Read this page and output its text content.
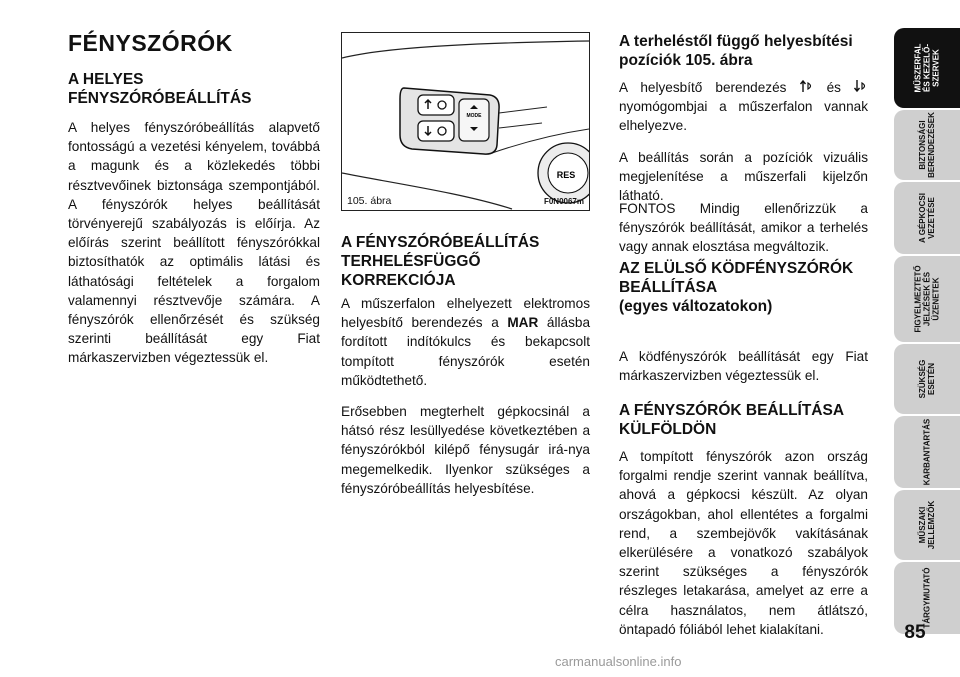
FÉNYSZÓRÓK
A HELYES FÉNYSZÓRÓBEÁLLÍTÁS

A helyes fényszóróbeállítás alapvető fontosságú a vezetési kényelem, továbbá a magunk és a közlekedés többi résztvevőinek biztonsága szempontjából. A fényszórók helyes beállítását törvényerejű szabályozás is előírja. Az előírás szerint beállított fényszórókkal biztosíthatók az optimális látási és láthatósági feltételek a forgalom valamennyi résztvevője számára. A fényszórók ellenőrzését és szükség szerinti beállítását egy Fiat márkaszervizben végeztessük el.

MODE
RES
105. ábra	F0N0067m
A FÉNYSZÓRÓBEÁLLÍTÁS TERHELÉSFÜGGŐ KORREKCIÓJA

A műszerfalon elhelyezett elektromos helyesbítő berendezés a MAR állásba fordított indítókulcs és bekapcsolt tompított fényszórók esetén működtethető.

Erősebben megterhelt gépkocsinál a hátsó rész lesüllyedése következtében a fényszórókból kilépő fénysugár irá-nya megemelkedik. Ilyenkor szükséges a fényszóróbeállítás helyesbítése.

A terheléstől függő helyesbítési pozíciók 105. ábra

A helyesbítő berendezés	és  nyomógombjai a műszerfalon vannak elhelyezve.

A beállítás során a pozíciók vizuális megjelenítése a műszerfali kijelzőn látható.

FONTOS Mindig ellenőrizzük a fényszórók beállítását, amikor a terhelés vagy annak elosztása megváltozik.

AZ ELÜLSŐ KÖDFÉNYSZÓRÓK BEÁLLÍTÁSA
(egyes változatokon)

A ködfényszórók beállítását egy Fiat márkaszervizben végeztessük el.

A FÉNYSZÓRÓK BEÁLLÍTÁSA KÜLFÖLDÖN

A tompított fényszórók azon ország forgalmi rendje szerint vannak beállítva, ahová a gépkocsi készült. Az olyan országokban, ahol ellentétes a forgalmi rend, a szembejövők vakításának elkerülésére a vonatkozó szabályok szerint szükséges a fényszórók részleges letakarása, amelyet az erre a célra használatos, nem átlátszó, öntapadó fóliából lehet kialakítani.

MŰSZERFAL
ÉS KEZELŐ-
SZERVEK
BIZTONSÁGI
BERENDEZÉSEK
A GÉPKOCSI
VEZETÉSE
FIGYELMEZTETŐ
JELZÉSEK ÉS
ÜZENETEK
SZÜKSÉG
ESETÉN
KARBANTARTÁS
MŰSZAKI
JELLEMZŐK
TÁRGYMUTATÓ
85
carmanualsonline.info
